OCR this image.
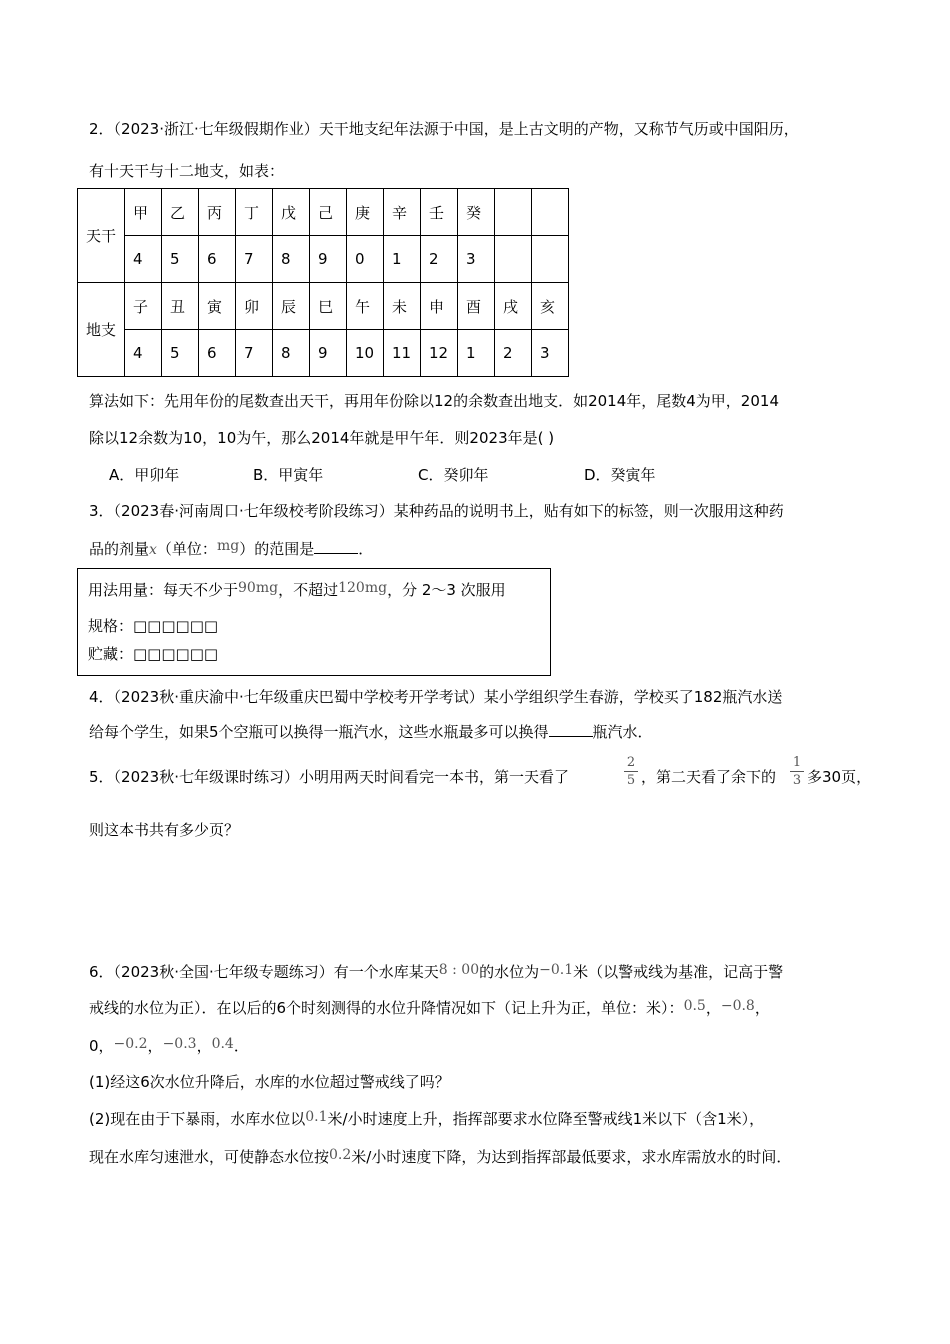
2．（2023·浙江·七年级假期作业）天干地支纪年法源于中国，是上古文明的产物，又称节气历或中国阳历，
有十天干与十二地支，如表：
天干	甲	乙	丙	丁	戊	己	庚	辛	壬	癸		
	4	5	6	7	8	9	0	1	2	3		
地支	子	丑	寅	卯	辰	巳	午	未	申	酉	戌	亥
	4	5	6	7	8	9	10	11	12	1	2	3
算法如下：先用年份的尾数查出天干，再用年份除以12的余数查出地支．如2014年，尾数4为甲，2014
除以12余数为10，10为午，那么2014年就是甲午年．则2023年是( )
A．甲卯年	B．甲寅年	C．癸卯年	D．癸寅年
3．（2023春·河南周口·七年级校考阶段练习）某种药品的说明书上，贴有如下的标签，则一次服用这种药
品的剂量x（单位：mg）的范围是	．
用法用量：每天不少于90mg，不超过120mg，分 2～3 次服用
规格：□□□□□□
贮藏：□□□□□□
4．（2023秋·重庆渝中·七年级重庆巴蜀中学校考开学考试）某小学组织学生春游，学校买了182瓶汽水送
给每个学生，如果5个空瓶可以换得一瓶汽水，这些水瓶最多可以换得	瓶汽水．
5．（2023秋·七年级课时练习）小明用两天时间看完一本书，第一天看了
2
5 ，第二天看了余下的
1
3 多30页，
则这本书共有多少页？
6．（2023秋·全国·七年级专题练习）有一个水库某天8 : 00的水位为−0.1米（以警戒线为基准，记高于警
戒线的水位为正）．在以后的6个时刻测得的水位升降情况如下（记上升为正，单位：米）：0.5，−0.8，
0，−0.2，−0.3，0.4．
(1)经这6次水位升降后，水库的水位超过警戒线了吗？
(2)现在由于下暴雨，水库水位以0.1米/小时速度上升，指挥部要求水位降至警戒线1米以下（含1米），
现在水库匀速泄水，可使静态水位按0.2米/小时速度下降，为达到指挥部最低要求，求水库需放水的时间．
